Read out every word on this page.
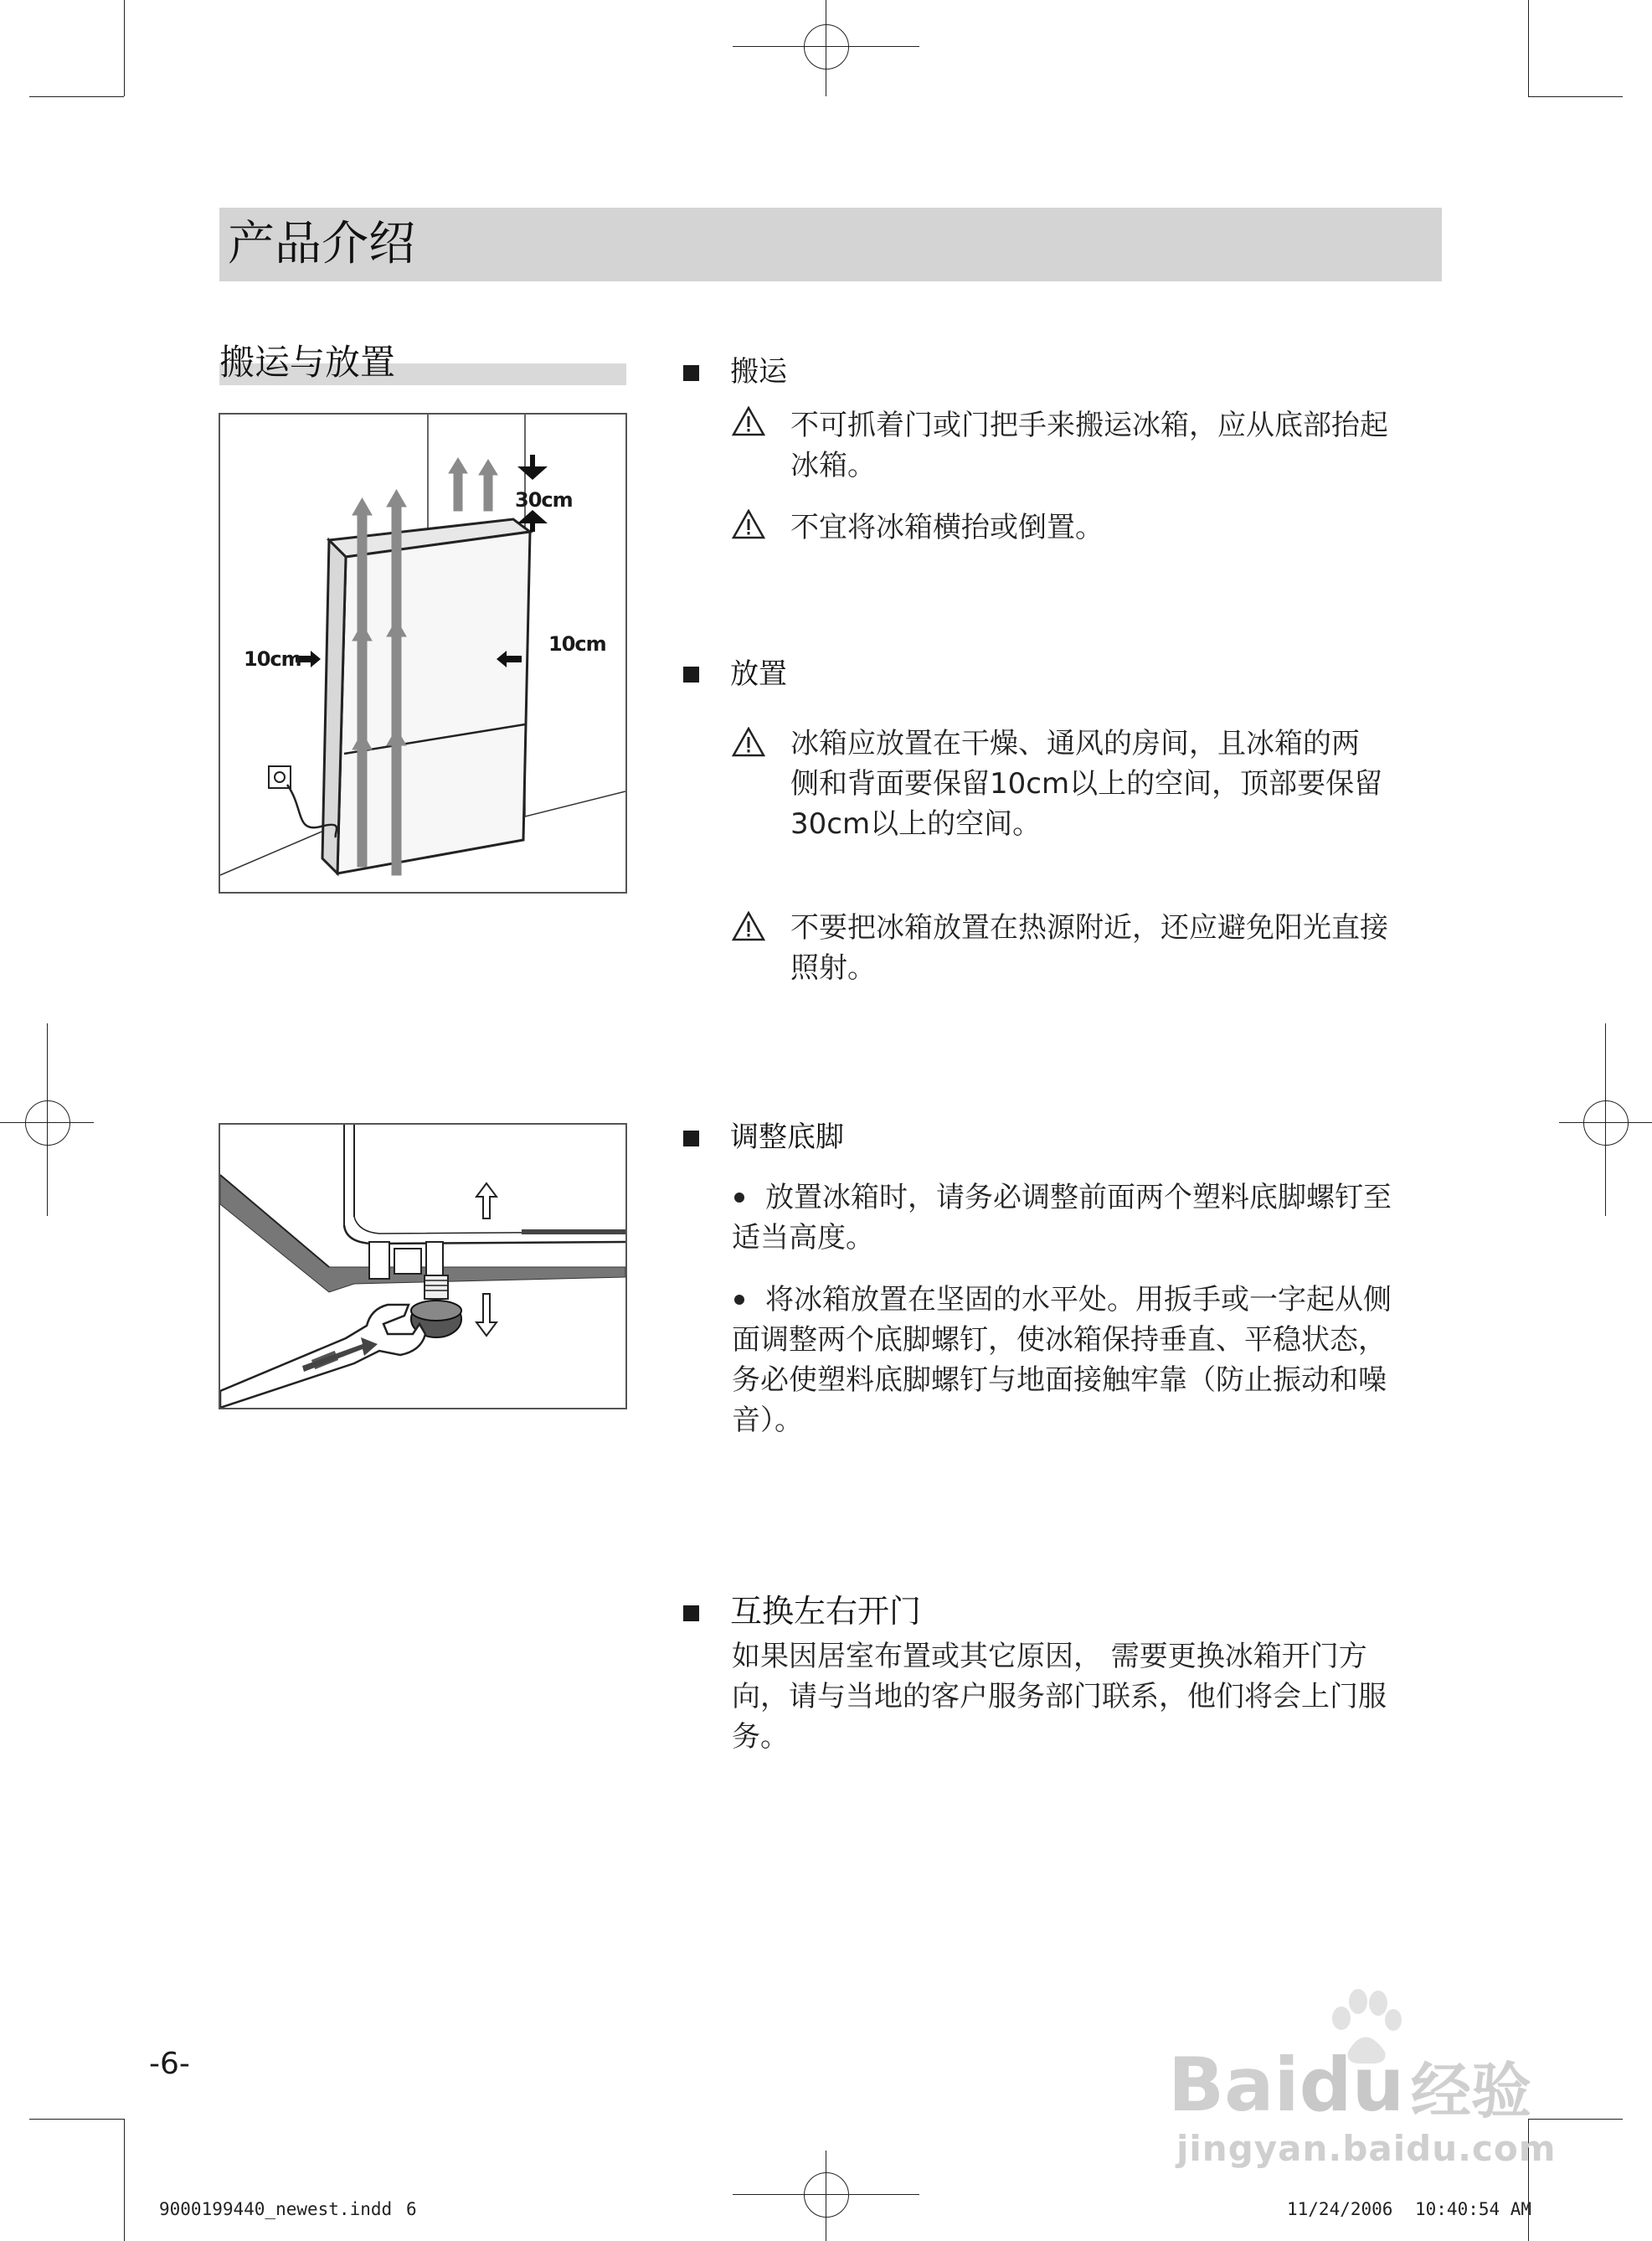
产品介绍
搬运与放置
30cm
10cm
10cm
搬运
不可抓着门或门把手来搬运冰箱，应从底部抬起
冰箱。
不宜将冰箱横抬或倒置。
放置
冰箱应放置在干燥、通风的房间，且冰箱的两
侧和背面要保留10cm以上的空间，顶部要保留
30cm以上的空间。
不要把冰箱放置在热源附近，还应避免阳光直接
照射。
调整底脚
放置冰箱时，请务必调整前面两个塑料底脚螺钉至
适当高度。
将冰箱放置在坚固的水平处。用扳手或一字起从侧
面调整两个底脚螺钉，使冰箱保持垂直、平稳状态，
务必使塑料底脚螺钉与地面接触牢靠（防止振动和噪
音）。
互换左右开门
如果因居室布置或其它原因， 需要更换冰箱开门方
向，请与当地的客户服务部门联系，他们将会上门服
务。
-6-
9000199440_newest.indd 6	11/24/2006 10:40:54 AM
Baidu 经验
jingyan.baidu.com
